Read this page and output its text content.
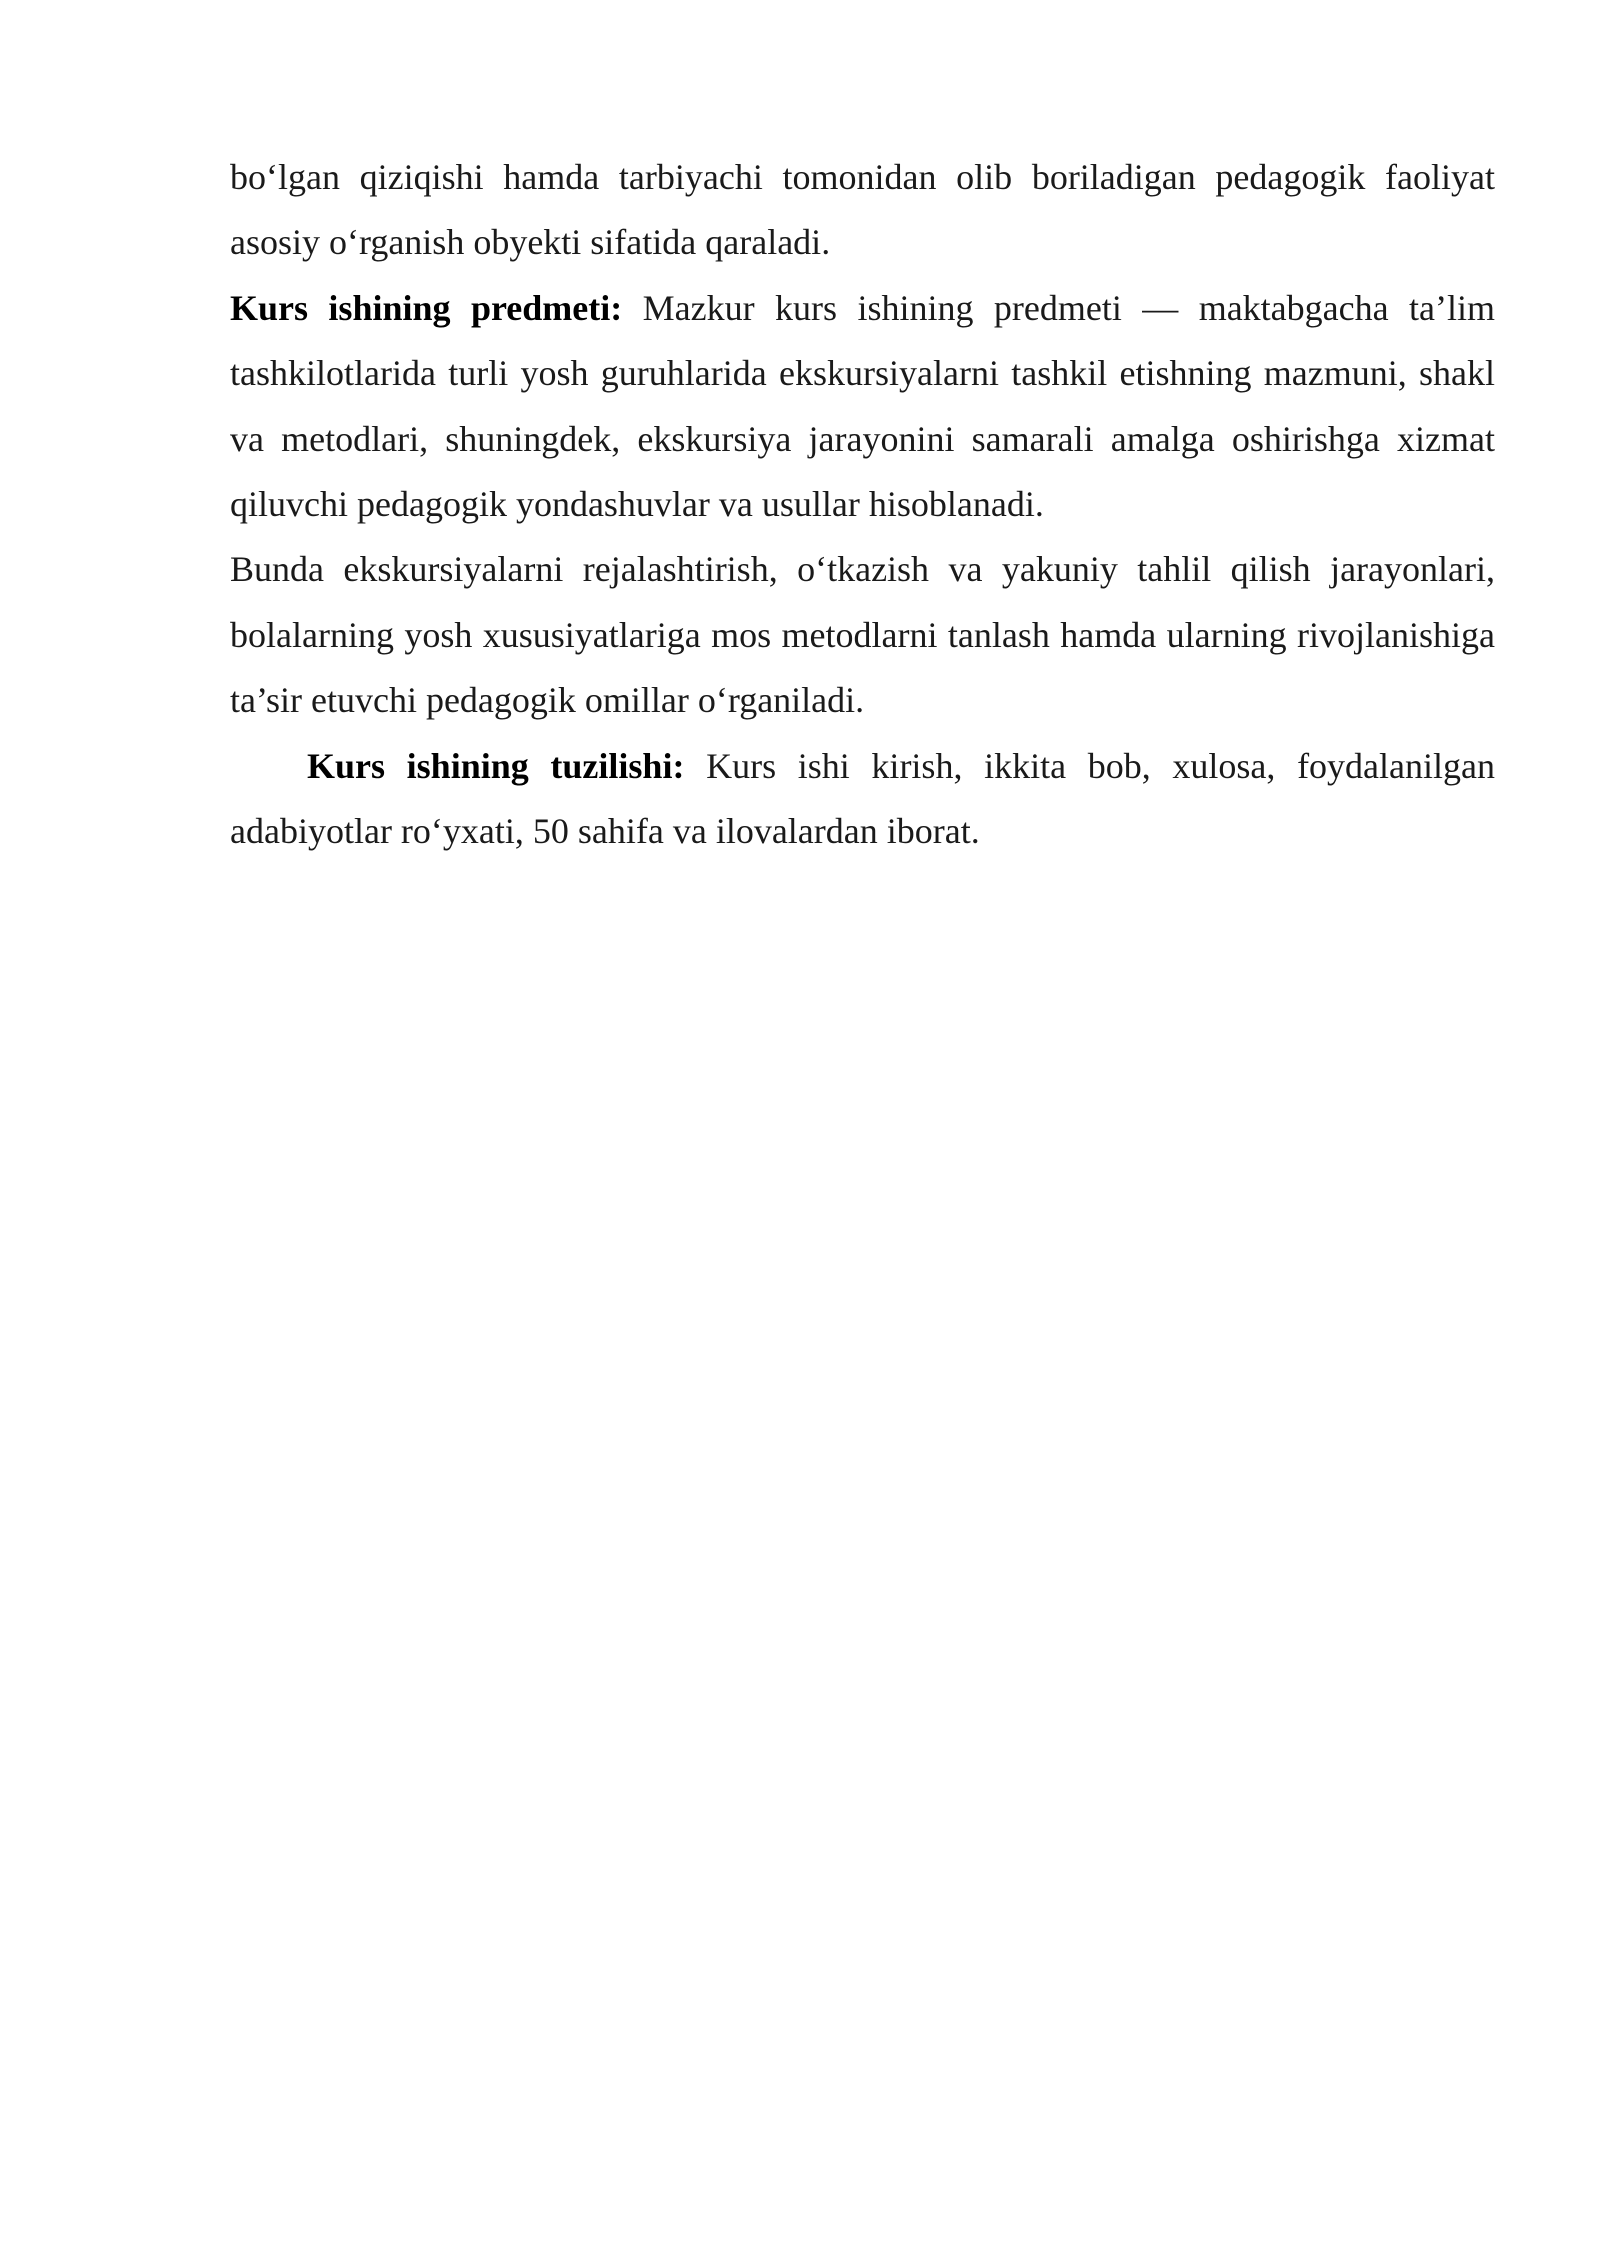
bo‘lgan qiziqishi hamda tarbiyachi tomonidan olib boriladigan pedagogik faoliyat asosiy o‘rganish obyekti sifatida qaraladi.

Kurs ishining predmeti: Mazkur kurs ishining predmeti — maktabgacha ta’lim tashkilotlarida turli yosh guruhlarida ekskursiyalarni tashkil etishning mazmuni, shakl va metodlari, shuningdek, ekskursiya jarayonini samarali amalga oshirishga xizmat qiluvchi pedagogik yondashuvlar va usullar hisoblanadi.

Bunda ekskursiyalarni rejalashtirish, o‘tkazish va yakuniy tahlil qilish jarayonlari, bolalarning yosh xususiyatlariga mos metodlarni tanlash hamda ularning rivojlanishiga ta’sir etuvchi pedagogik omillar o‘rganiladi.

Kurs ishining tuzilishi: Kurs ishi kirish, ikkita bob, xulosa, foydalanilgan adabiyotlar ro‘yxati, 50 sahifa va ilovalardan iborat.
